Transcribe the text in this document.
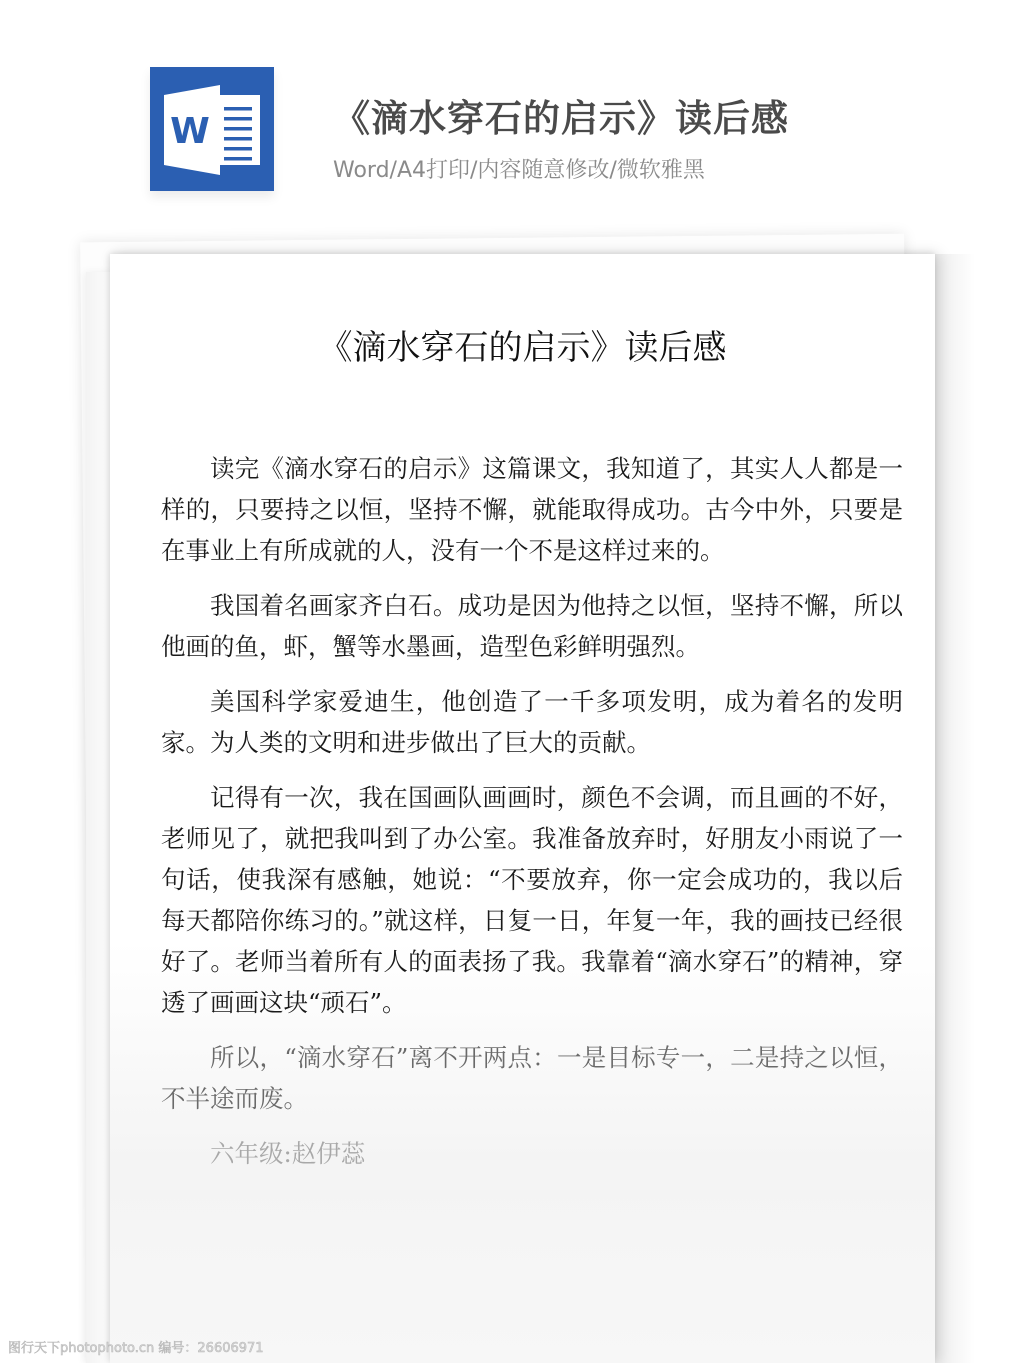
W	《滴水穿石的启示》读后感
Word/A4打印/内容随意修改/微软雅黑
《滴水穿石的启示》读后感

读完《滴水穿石的启示》这篇课文，我知道了，其实人人都是一样的，只要持之以恒，坚持不懈，就能取得成功。古今中外，只要是在事业上有所成就的人，没有一个不是这样过来的。

我国着名画家齐白石。成功是因为他持之以恒，坚持不懈，所以他画的鱼，虾，蟹等水墨画，造型色彩鲜明强烈。

美国科学家爱迪生，他创造了一千多项发明，成为着名的发明家。为人类的文明和进步做出了巨大的贡献。

记得有一次，我在国画队画画时，颜色不会调，而且画的不好，老师见了，就把我叫到了办公室。我准备放弃时，好朋友小雨说了一句话，使我深有感触，她说：“不要放弃，你一定会成功的，我以后每天都陪你练习的。”就这样，日复一日，年复一年，我的画技已经很好了。老师当着所有人的面表扬了我。我靠着“滴水穿石”的精神，穿透了画画这块“顽石”。

所以，“滴水穿石”离不开两点：一是目标专一，二是持之以恒，不半途而废。

六年级:赵伊蕊

图行天下photophoto.cn 编号：26606971
